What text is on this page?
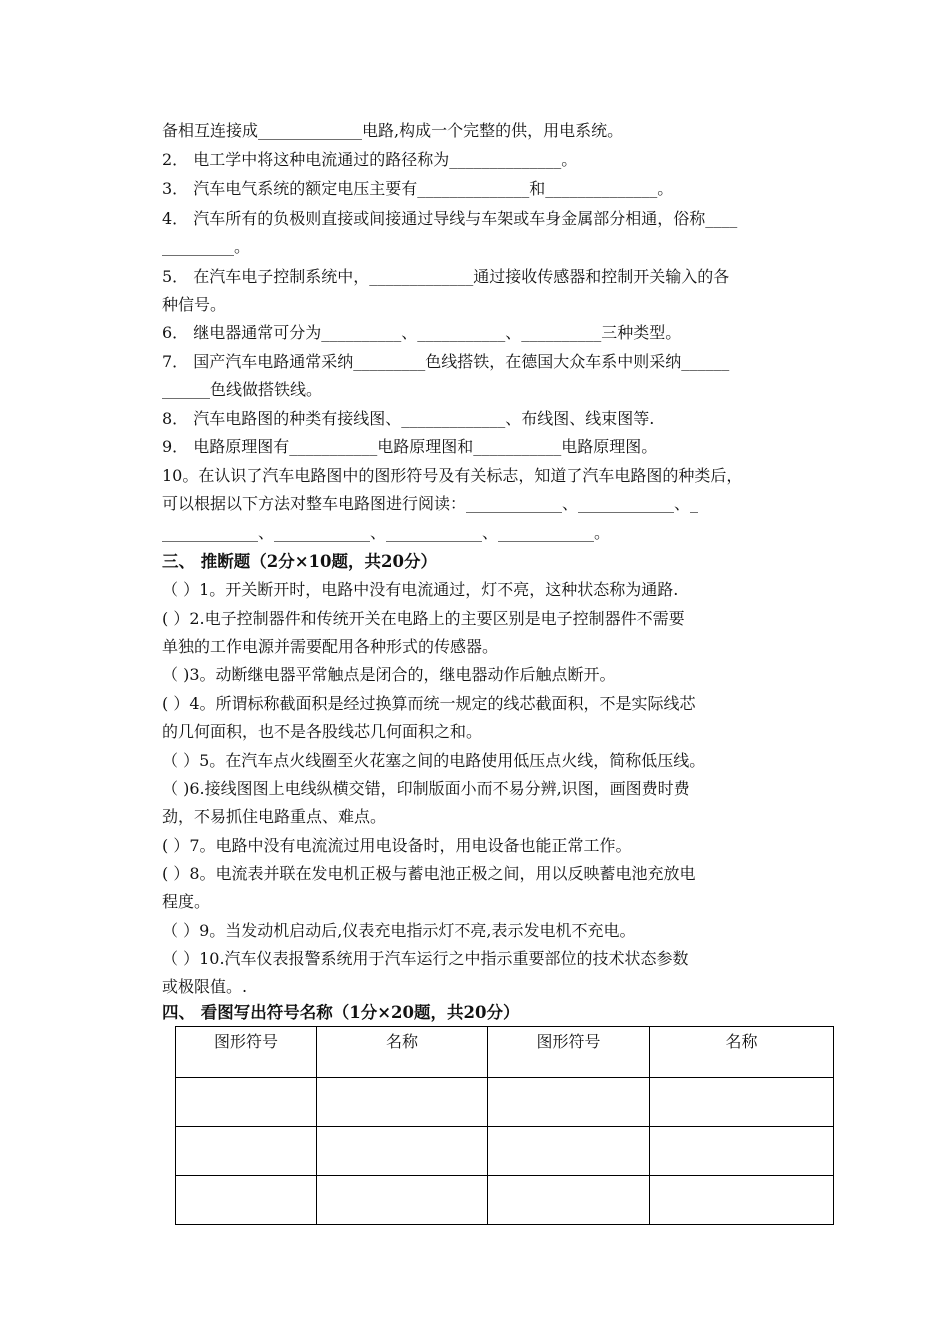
备相互连接成_____________电路,构成一个完整的供，用电系统。
2． 电工学中将这种电流通过的路径称为______________。
3． 汽车电气系统的额定电压主要有______________和______________。
4． 汽车所有的负极则直接或间接通过导线与车架或车身金属部分相通，俗称____
_________。
5． 在汽车电子控制系统中，_____________通过接收传感器和控制开关输入的各
种信号。
6． 继电器通常可分为__________、___________、__________三种类型。
7． 国产汽车电路通常采纳_________色线搭铁，在德国大众车系中则采纳______
______色线做搭铁线。
8． 汽车电路图的种类有接线图、_____________、布线图、线束图等.
9． 电路原理图有___________电路原理图和___________电路原理图。
10。在认识了汽车电路图中的图形符号及有关标志，知道了汽车电路图的种类后，
可以根据以下方法对整车电路图进行阅读：____________、____________、_
____________、____________、____________、____________。
三、 推断题（2分×10题，共20分）
（ ）1。开关断开时，电路中没有电流通过，灯不亮，这种状态称为通路.
( ）2.电子控制器件和传统开关在电路上的主要区别是电子控制器件不需要
单独的工作电源并需要配用各种形式的传感器。
（ )3。动断继电器平常触点是闭合的，继电器动作后触点断开。
( ）4。所谓标称截面积是经过换算而统一规定的线芯截面积，不是实际线芯
的几何面积，也不是各股线芯几何面积之和。
（ ）5。在汽车点火线圈至火花塞之间的电路使用低压点火线，简称低压线。
（ )6.接线图图上电线纵横交错，印制版面小而不易分辨,识图，画图费时费
劲，不易抓住电路重点、难点。
( ）7。电路中没有电流流过用电设备时，用电设备也能正常工作。
( ）8。电流表并联在发电机正极与蓄电池正极之间，用以反映蓄电池充放电
程度。
（ ）9。当发动机启动后,仪表充电指示灯不亮,表示发电机不充电。
（ ）10.汽车仪表报警系统用于汽车运行之中指示重要部位的技术状态参数
或极限值。.
四、 看图写出符号名称（1分×20题，共20分）
图形符号	名称	图形符号	名称
